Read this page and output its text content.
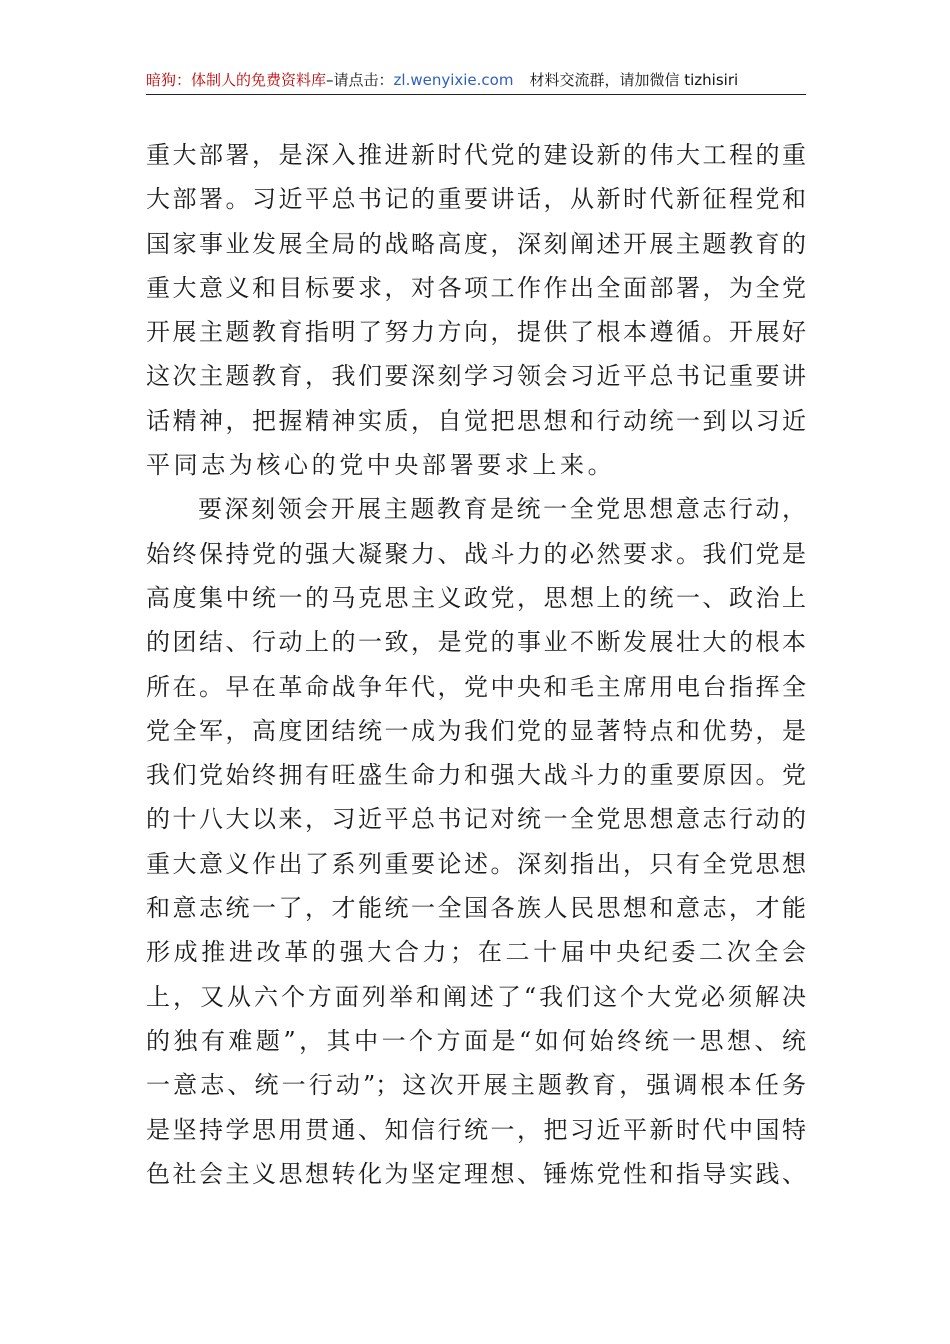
暗狗：体制人的免费资料库–请点击：zl.wenyixie.com 材料交流群，请加微信 tizhisiri
重大部署，是深入推进新时代党的建设新的伟大工程的重
大部署。习近平总书记的重要讲话，从新时代新征程党和
国家事业发展全局的战略高度，深刻阐述开展主题教育的
重大意义和目标要求，对各项工作作出全面部署，为全党
开展主题教育指明了努力方向，提供了根本遵循。开展好
这次主题教育，我们要深刻学习领会习近平总书记重要讲
话精神，把握精神实质，自觉把思想和行动统一到以习近
平同志为核心的党中央部署要求上来。
要深刻领会开展主题教育是统一全党思想意志行动，
始终保持党的强大凝聚力、战斗力的必然要求。我们党是
高度集中统一的马克思主义政党，思想上的统一、政治上
的团结、行动上的一致，是党的事业不断发展壮大的根本
所在。早在革命战争年代，党中央和毛主席用电台指挥全
党全军，高度团结统一成为我们党的显著特点和优势，是
我们党始终拥有旺盛生命力和强大战斗力的重要原因。党
的十八大以来，习近平总书记对统一全党思想意志行动的
重大意义作出了系列重要论述。深刻指出，只有全党思想
和意志统一了，才能统一全国各族人民思想和意志，才能
形成推进改革的强大合力；在二十届中央纪委二次全会
上，又从六个方面列举和阐述了“我们这个大党必须解决
的独有难题”，其中一个方面是“如何始终统一思想、统
一意志、统一行动”；这次开展主题教育，强调根本任务
是坚持学思用贯通、知信行统一，把习近平新时代中国特
色社会主义思想转化为坚定理想、锤炼党性和指导实践、
